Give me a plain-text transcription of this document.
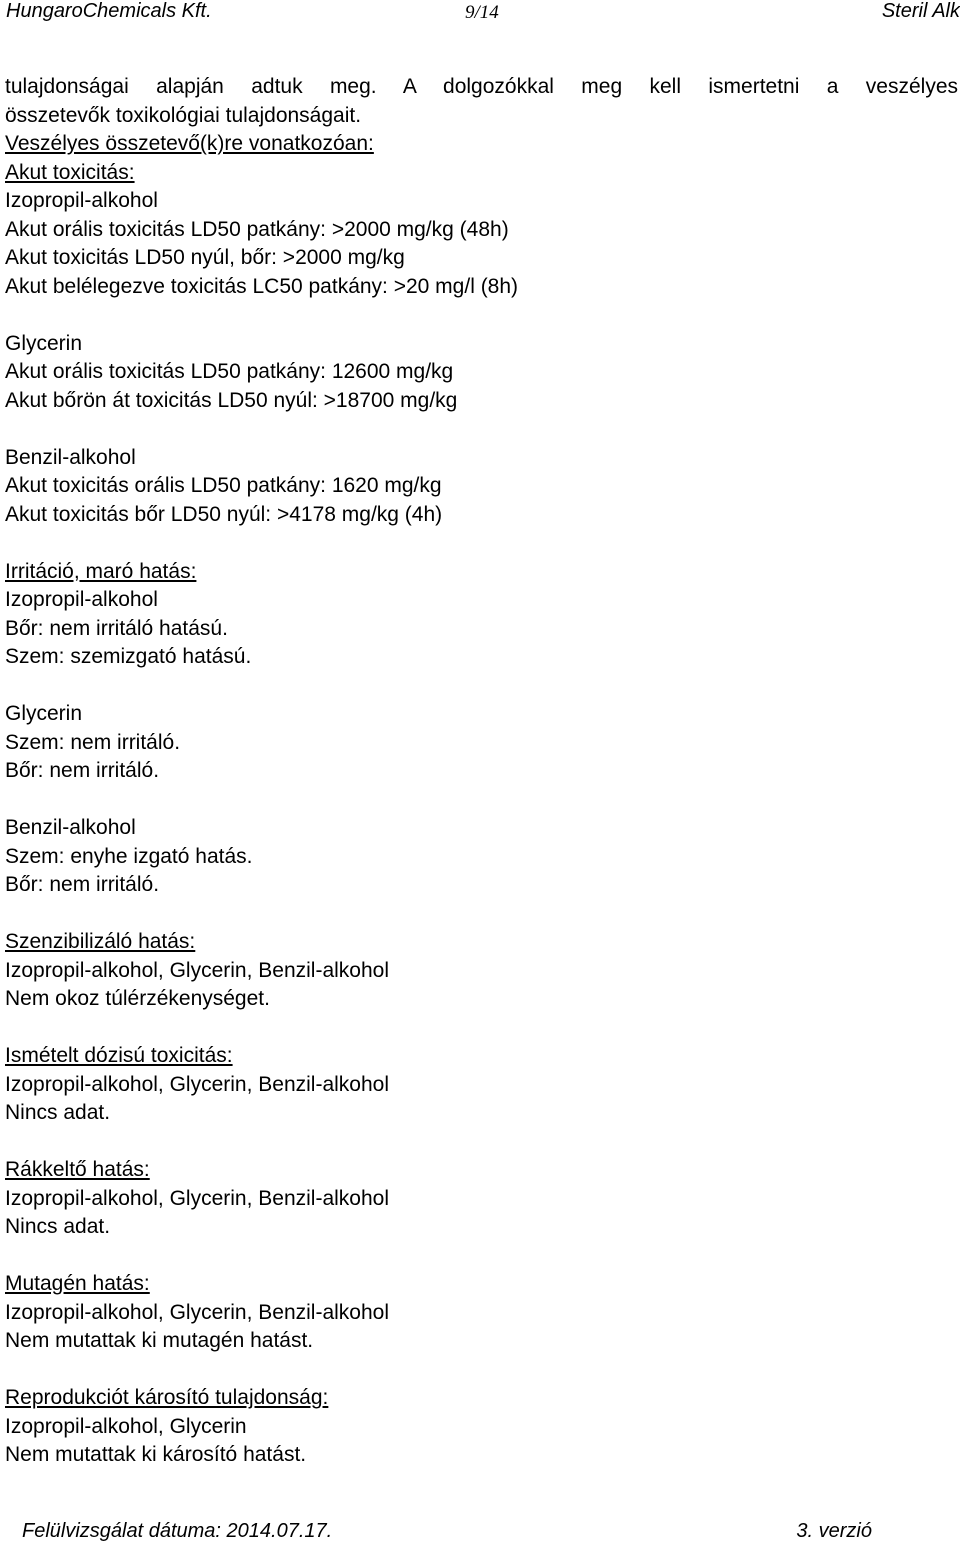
HungaroChemicals Kft.	9/14	Steril Alk
tulajdonságai alapján adtuk meg. A dolgozókkal meg kell ismertetni a veszélyes
összetevők toxikológiai tulajdonságait.
Veszélyes összetevő(k)re vonatkozóan:
Akut toxicitás:
Izopropil-alkohol
Akut orális toxicitás LD50 patkány: >2000 mg/kg (48h)
Akut toxicitás LD50 nyúl, bőr: >2000 mg/kg
Akut belélegezve toxicitás LC50 patkány: >20 mg/l (8h)
Glycerin
Akut orális toxicitás LD50 patkány: 12600 mg/kg
Akut bőrön át toxicitás LD50 nyúl: >18700 mg/kg
Benzil-alkohol
Akut toxicitás orális LD50 patkány: 1620 mg/kg
Akut toxicitás bőr LD50 nyúl: >4178 mg/kg (4h)
Irritáció, maró hatás:
Izopropil-alkohol
Bőr: nem irritáló hatású.
Szem: szemizgató hatású.
Glycerin
Szem: nem irritáló.
Bőr: nem irritáló.
Benzil-alkohol
Szem: enyhe izgató hatás.
Bőr: nem irritáló.
Szenzibilizáló hatás:
Izopropil-alkohol, Glycerin, Benzil-alkohol
Nem okoz túlérzékenységet.
Ismételt dózisú toxicitás:
Izopropil-alkohol, Glycerin, Benzil-alkohol
Nincs adat.
Rákkeltő hatás:
Izopropil-alkohol, Glycerin, Benzil-alkohol
Nincs adat.
Mutagén hatás:
Izopropil-alkohol, Glycerin, Benzil-alkohol
Nem mutattak ki mutagén hatást.
Reprodukciót károsító tulajdonság:
Izopropil-alkohol, Glycerin
Nem mutattak ki károsító hatást.
Felülvizsgálat dátuma: 2014.07.17.	3. verzió
